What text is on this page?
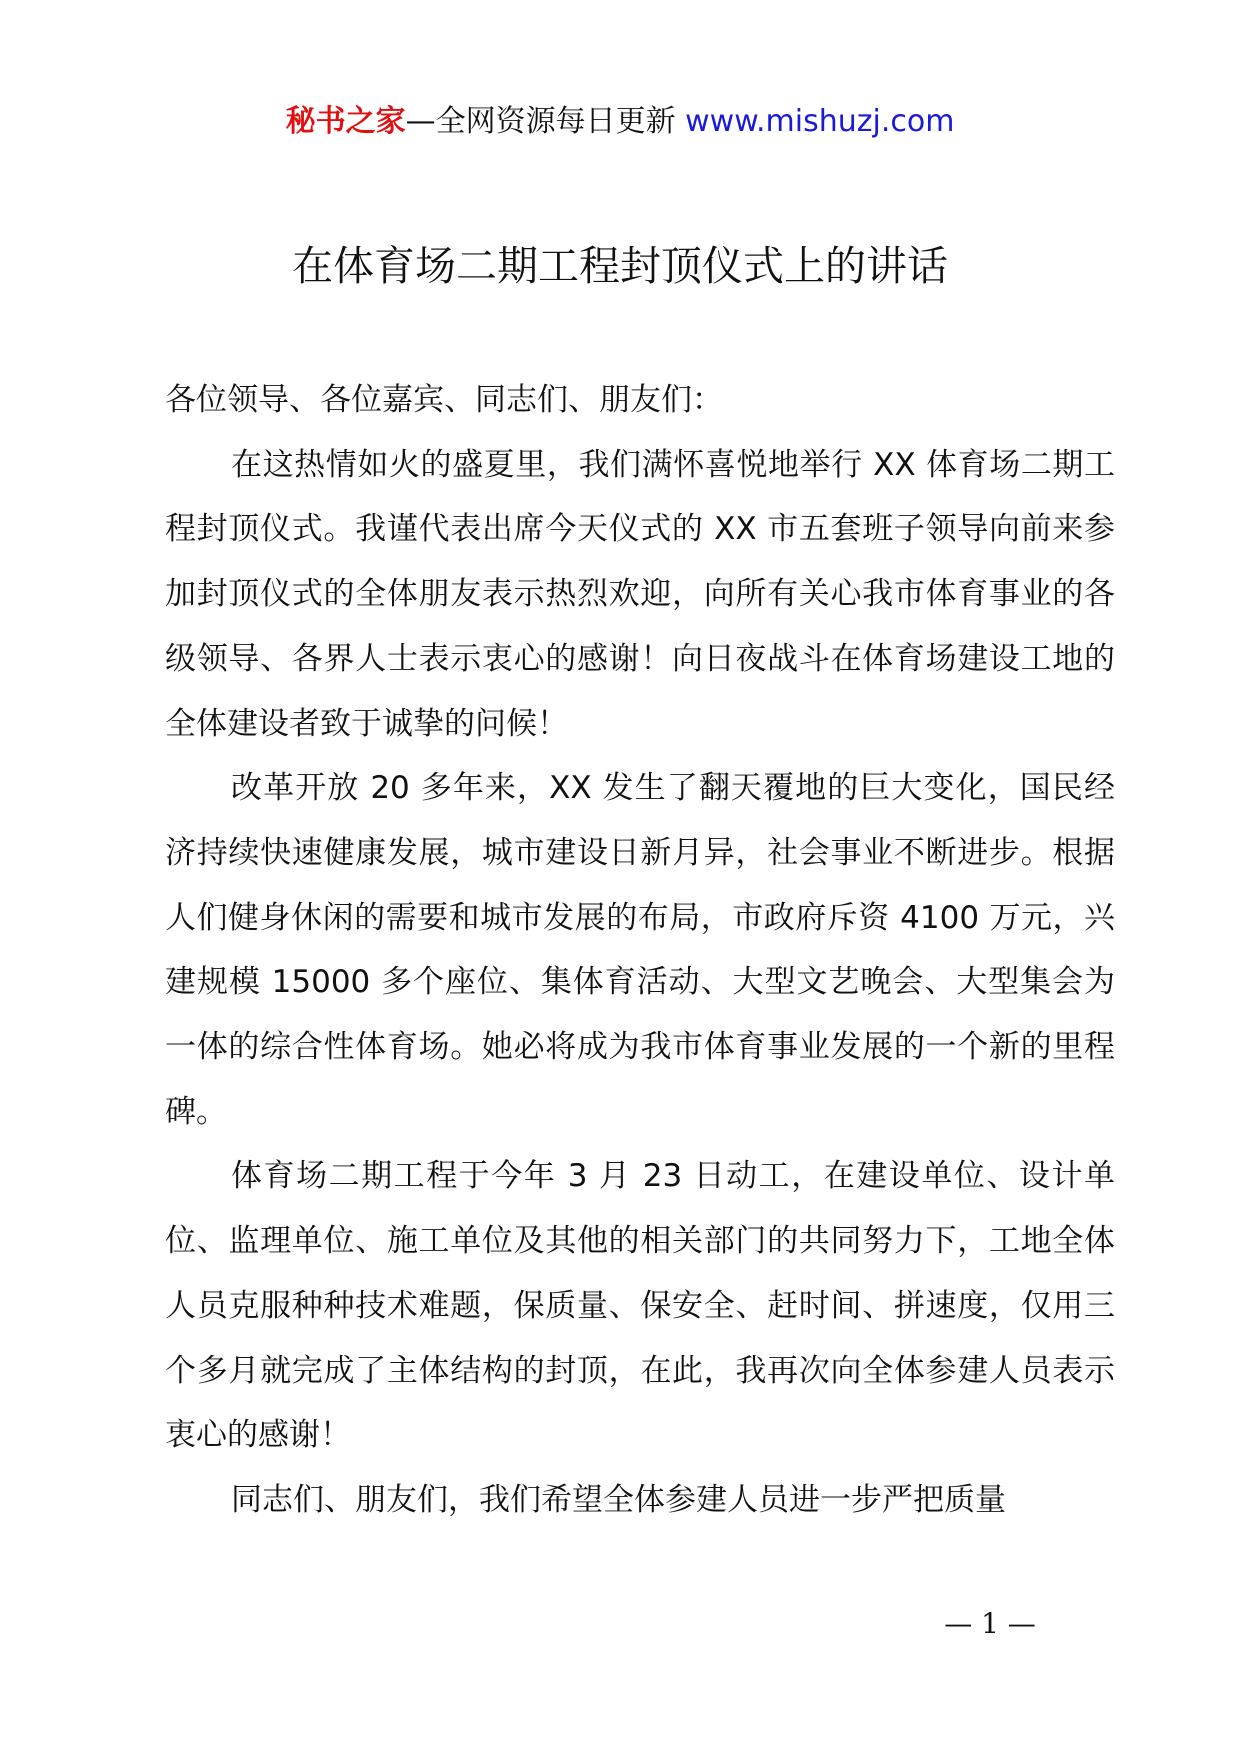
秘书之家—全网资源每日更新 www.mishuzj.com
在体育场二期工程封顶仪式上的讲话

各位领导、各位嘉宾、同志们、朋友们：

在这热情如火的盛夏里，我们满怀喜悦地举行 XX 体育场二期工程封顶仪式。我谨代表出席今天仪式的 XX 市五套班子领导向前来参加封顶仪式的全体朋友表示热烈欢迎，向所有关心我市体育事业的各级领导、各界人士表示衷心的感谢！向日夜战斗在体育场建设工地的全体建设者致于诚挚的问候！

改革开放 20 多年来，XX 发生了翻天覆地的巨大变化，国民经济持续快速健康发展，城市建设日新月异，社会事业不断进步。根据人们健身休闲的需要和城市发展的布局，市政府斥资 4100 万元，兴建规模 15000 多个座位、集体育活动、大型文艺晚会、大型集会为一体的综合性体育场。她必将成为我市体育事业发展的一个新的里程碑。

体育场二期工程于今年 3 月 23 日动工，在建设单位、设计单位、监理单位、施工单位及其他的相关部门的共同努力下，工地全体人员克服种种技术难题，保质量、保安全、赶时间、拼速度，仅用三个多月就完成了主体结构的封顶，在此，我再次向全体参建人员表示衷心的感谢！

同志们、朋友们，我们希望全体参建人员进一步严把质量

— 1 —
